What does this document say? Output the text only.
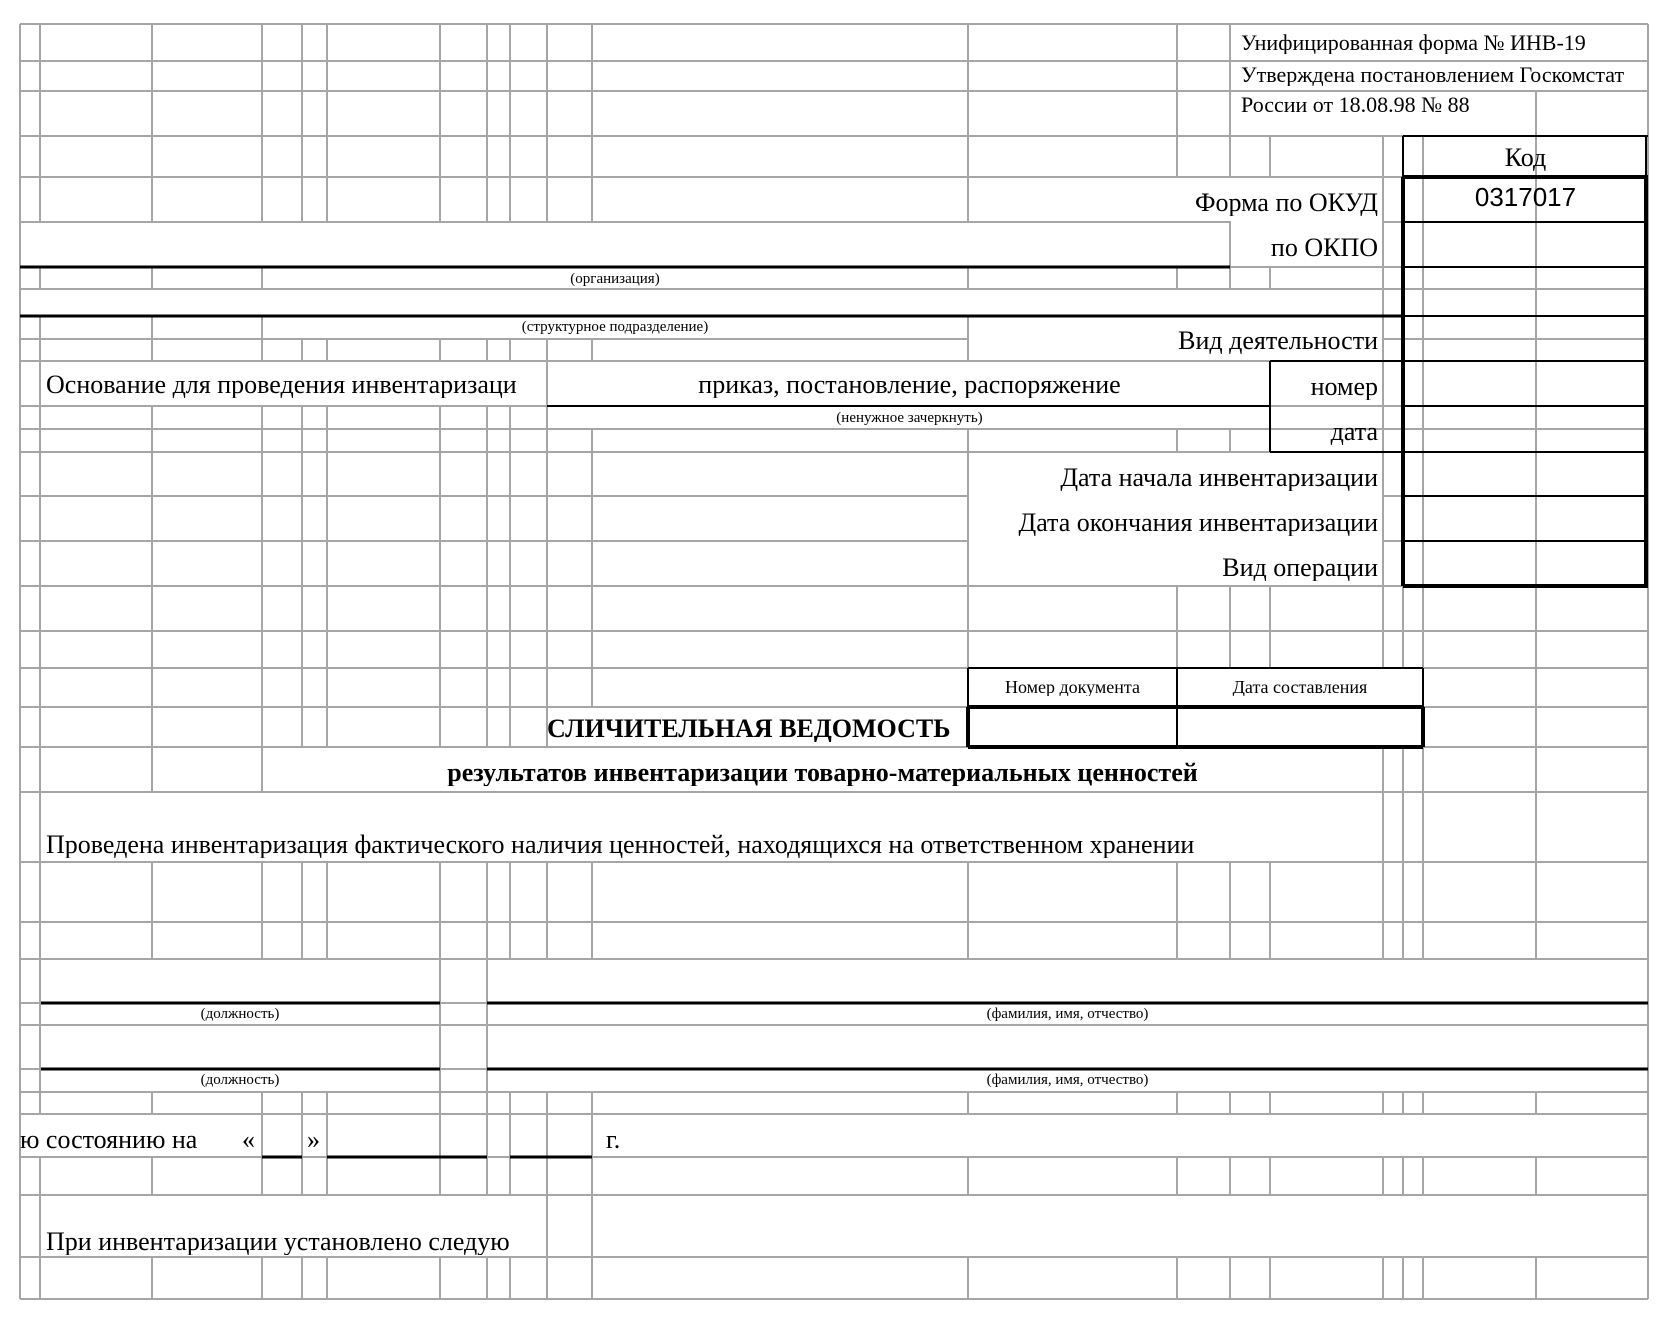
Унифицированная форма № ИНВ-19
Утверждена постановлением Госкомстат
России от 18.08.98 № 88
Код
Форма по ОКУД	0317017
по ОКПО
Вид деятельности
номер
дата
Дата начала инвентаризации
Дата окончания инвентаризации
Вид операции
(организация)
(структурное подразделение)
Основание для проведения инвентаризаци	приказ, постановление, распоряжение
(ненужное зачеркнуть)
Номер документа	Дата составления
СЛИЧИТЕЛЬНАЯ ВЕДОМОСТЬ
результатов инвентаризации товарно-материальных ценностей
Проведена инвентаризация фактического наличия ценностей, находящихся на ответственном хранении
(должность)	(фамилия, имя, отчество)
(должность)	(фамилия, имя, отчество)
ю состоянию на	« »	г.
При инвентаризации установлено следую
